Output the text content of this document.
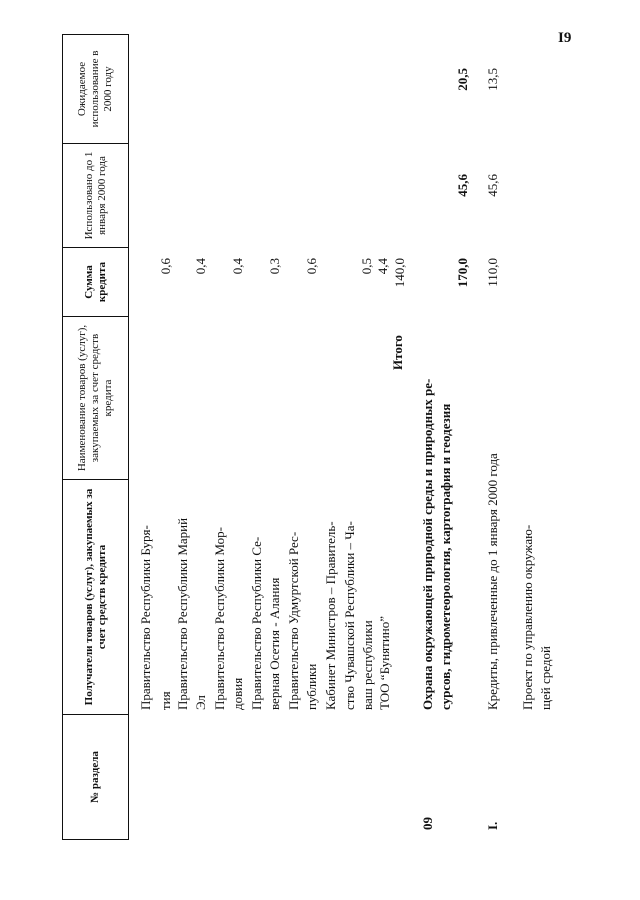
I9
№ раздела
Получатели товаров (услуг), закупаемых за счет средств кредита
Наименование товаров (услуг), закупаемых за счет средств кредита
Сумма кредита
Использовано до 1 января 2000 года
Ожидаемое использование в 2000 году
Правительство Республики Буря- тия
0,6
Правительство Республики Марий Эл
0,4
Правительство Республики Мор- довия
0,4
Правительство Республики Се- верная Осетия - Алания
0,3
Правительство Удмуртской Рес- публики
0,6
Кабинет Министров – Правитель- ство Чувашской Республики – Ча- ваш республики
0,5
ТОО “Бунятино”
4,4
Итого
140,0
09
Охрана окружающей природной среды и природных ре- сурсов, гидрометеорология, картография и геодезия
170,0
45,6
20,5
I.
Кредиты, привлеченные до 1 января 2000 года
110,0
45,6
13,5
Проект по управлению окружаю- щей средой
